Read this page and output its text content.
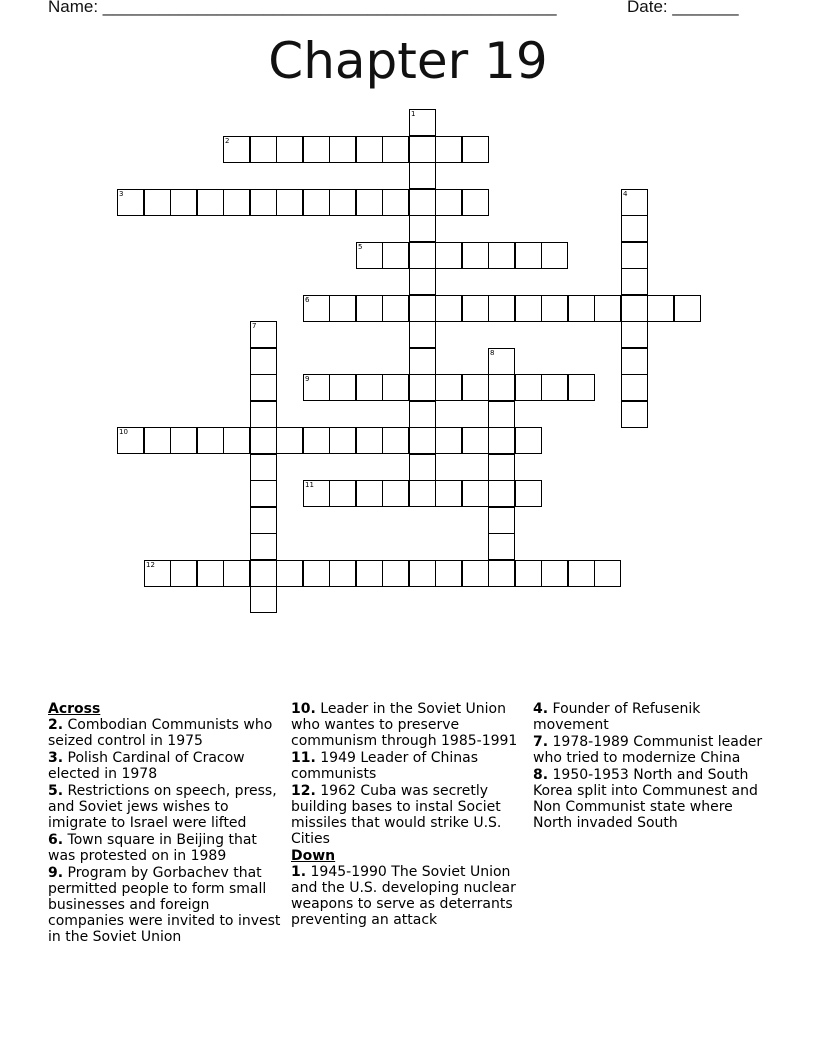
Name: ________________________________________________	Date: _______
Chapter 19
1
2
3	4
5
6
7
8
9
10
11
12
Across
2. Combodian Communists who seized control in 1975
3. Polish Cardinal of Cracow elected in 1978
5. Restrictions on speech, press, and Soviet jews wishes to imigrate to Israel were lifted
6. Town square in Beijing that was protested on in 1989
9. Program by Gorbachev that permitted people to form small businesses and foreign companies were invited to invest in the Soviet Union
10. Leader in the Soviet Union who wantes to preserve communism through 1985-1991
11. 1949 Leader of Chinas communists
12. 1962 Cuba was secretly building bases to instal Societ missiles that would strike U.S. Cities
Down
1. 1945-1990 The Soviet Union and the U.S. developing nuclear weapons to serve as deterrants preventing an attack
4. Founder of Refusenik movement
7. 1978-1989 Communist leader who tried to modernize China
8. 1950-1953 North and South Korea split into Communest and Non Communist state where North invaded South
